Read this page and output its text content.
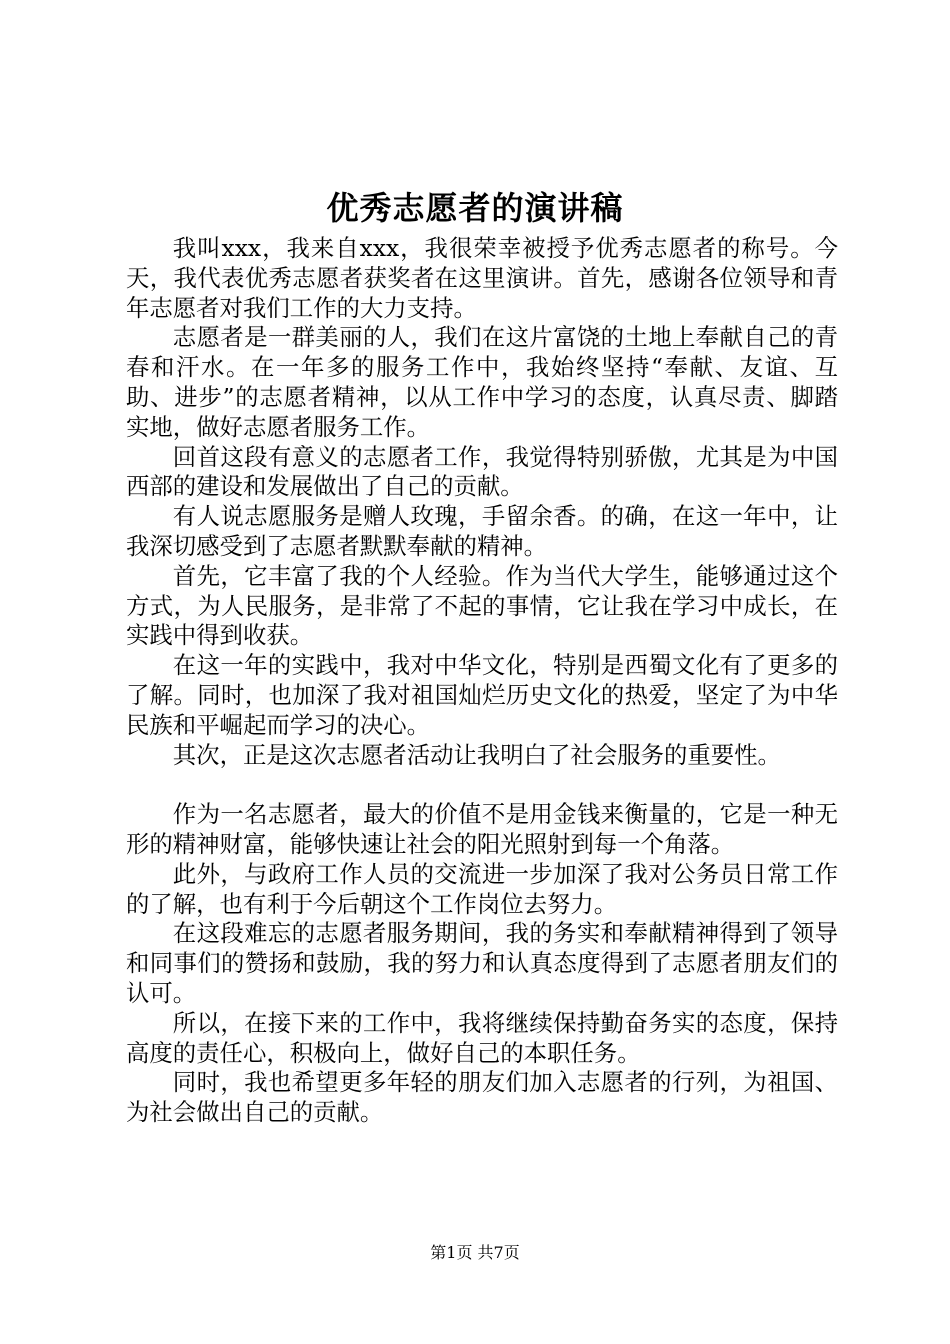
优秀志愿者的演讲稿

我叫xxx，我来自xxx，我很荣幸被授予优秀志愿者的称号。今天，我代表优秀志愿者获奖者在这里演讲。首先，感谢各位领导和青年志愿者对我们工作的大力支持。

志愿者是一群美丽的人，我们在这片富饶的土地上奉献自己的青春和汗水。在一年多的服务工作中，我始终坚持“奉献、友谊、互助、进步”的志愿者精神，以从工作中学习的态度，认真尽责、脚踏实地，做好志愿者服务工作。

回首这段有意义的志愿者工作，我觉得特别骄傲，尤其是为中国西部的建设和发展做出了自己的贡献。

有人说志愿服务是赠人玫瑰，手留余香。的确，在这一年中，让我深切感受到了志愿者默默奉献的精神。

首先，它丰富了我的个人经验。作为当代大学生，能够通过这个方式，为人民服务，是非常了不起的事情，它让我在学习中成长，在实践中得到收获。

在这一年的实践中，我对中华文化，特别是西蜀文化有了更多的了解。同时，也加深了我对祖国灿烂历史文化的热爱，坚定了为中华民族和平崛起而学习的决心。

其次，正是这次志愿者活动让我明白了社会服务的重要性。

作为一名志愿者，最大的价值不是用金钱来衡量的，它是一种无形的精神财富，能够快速让社会的阳光照射到每一个角落。

此外，与政府工作人员的交流进一步加深了我对公务员日常工作的了解，也有利于今后朝这个工作岗位去努力。

在这段难忘的志愿者服务期间，我的务实和奉献精神得到了领导和同事们的赞扬和鼓励，我的努力和认真态度得到了志愿者朋友们的认可。

所以，在接下来的工作中，我将继续保持勤奋务实的态度，保持高度的责任心，积极向上，做好自己的本职任务。

同时，我也希望更多年轻的朋友们加入志愿者的行列，为祖国、为社会做出自己的贡献。

第1页 共7页
